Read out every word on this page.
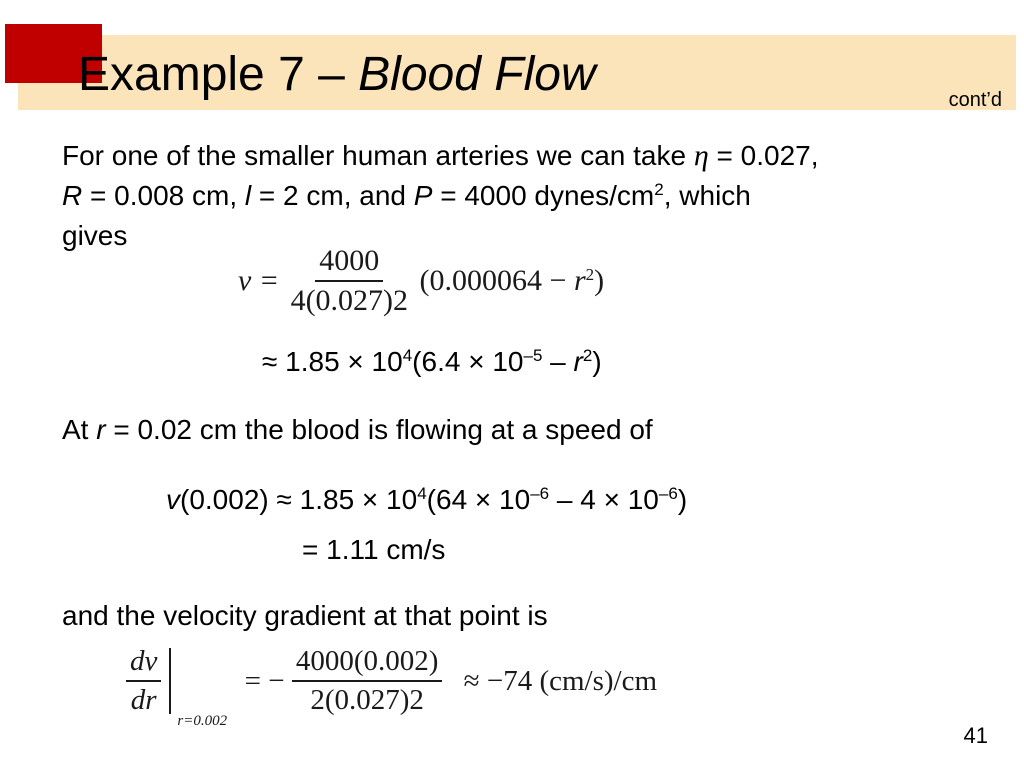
Example 7 – Blood Flow	cont’d

For one of the smaller human arteries we can take η = 0.027,
R = 0.008 cm, l = 2 cm, and P = 4000 dynes/$cm^2$, which
gives

$v = \frac{4000}{4(0.027)2} (0.000064 - r^2)$
≈ $1.85 \times 10^4(6.4 \times 10^{-5} - r^2)$

At r = 0.02 cm the blood is flowing at a speed of

$v(0.002) \approx 1.85 \times 10^4(64 \times 10^{-6} - 4 \times 10^{-6})$
= 1.11 cm/s

and the velocity gradient at that point is

$\frac{dv}{dr}$
r=0.002
= − $\frac{4000(0.002)}{2(0.027)2} \approx -74$ (cm/s)/cm
41
